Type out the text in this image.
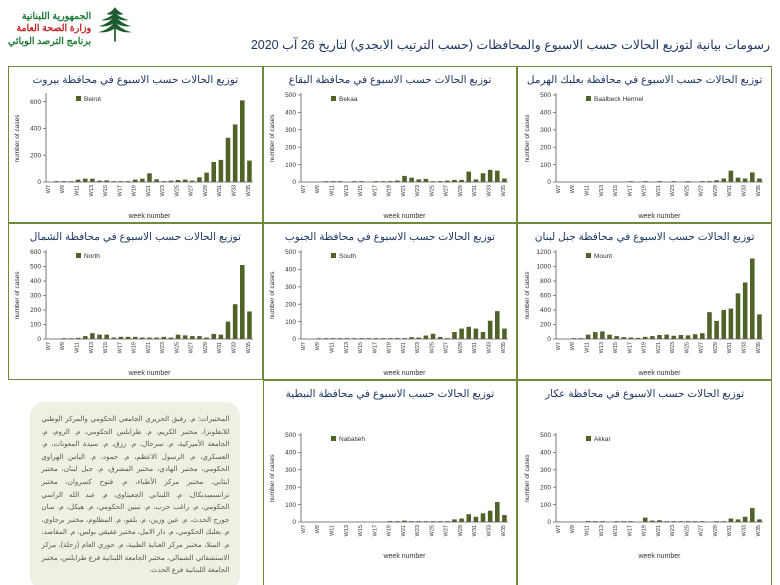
الجمهورية اللبنانية
وزارة الصحة العامة
برنامج الترصد الوبائي	رسومات بيانية لتوزيع الحالات حسب الاسبوع والمحافظات (حسب الترتيب الابجدي) لتاريخ 26 آب 2020
توزيع الحالات حسب الاسبوع في محافظة بيروت
0
200
400
600
W7 W9 W11 W13 W15 W17 W19 W21 W23 W25 W27 W29 W31 W33 W35
Beirut
number of cases
week number
توزيع الحالات حسب الاسبوع في محافظة البقاع
0
100
200
300
400
500
W7 W9 W11 W13 W15 W17 W19 W21 W23 W25 W27 W29 W31 W33 W35
Bekaa
number of cases
week number
توزيع الحالات حسب الاسبوع في محافظة بعلبك الهرمل
0
100
200
300
400
500
W7 W9 W11 W13 W15 W17 W19 W21 W23 W25 W27 W29 W31 W33 W35
Baalbeck Hermel
number of cases
week number
توزيع الحالات حسب الاسبوع في محافظة الشمال
0
100
200
300
400
500
600
W7 W9 W11 W13 W15 W17 W19 W21 W23 W25 W27 W29 W31 W33 W35
North
number of cases
week number
توزيع الحالات حسب الاسبوع في محافظة الجنوب
0
100
200
300
400
500
W7 W9 W11 W13 W15 W17 W19 W21 W23 W25 W27 W29 W31 W33 W35
South
number of cases
week number
توزيع الحالات حسب الاسبوع في محافظة جبل لبنان
0
200
400
600
800
1000
1200
W7 W9 W11 W13 W15 W17 W19 W21 W23 W25 W27 W29 W31 W33 W35
Mount
number of cases
week number
المختبرات: م. رفيق الحريري الجامعي الحكومي والمركز الوطني للانفلونزا، مختبر الكريم، م. طرابلس الحكومي، م. الروم، م. الجامعة الأميركية، م. سرحال، م. رزق، م. سيدة المعونات، م. العسكري، م. الرسول الاعظم، م. حمود، م. الياس الهراوي الحكومي، مختبر الهادي، مختبر المشرق، م. جبل لبنان، مختبر ايتاني، مختبر مركز الأطباء، م. فتوح كسروان، مختبر ترانسميديكال، م. اللبناني الجعيتاوي، م. عبد الله الراسي الحكومي، م. راغب حرب، م. تبنين الحكومي، م. هيكل، م. سان جورج الحدث، م. عين وزين، م. بلفو، م. المظلوم، مختبر برجاوي، م. بعلبك الحكومي، م. دار الامل، مختبر عقيقي بولس، م. المقاصد، م. المنلا، مختبر مركز العناية الطبية، م. حوري العام (زحلة)، مركز الاستشفائي الشمالي، مختبر الجامعة اللبنانية فرع طرابلس، مختبر الجامعة اللبنانية فرع الحدث.
توزيع الحالات حسب الاسبوع في محافظة النبطية
0
100
200
300
400
500
W7 W9 W11 W13 W15 W17 W19 W21 W23 W25 W27 W29 W31 W33 W35
Nabatieh
number of cases
week number
توزيع الحالات حسب الاسبوع في محافظة عكار
0
100
200
300
400
500
W7 W9 W11 W13 W15 W17 W19 W21 W23 W25 W27 W29 W31 W33 W35
Akkar
number of cases
week number
